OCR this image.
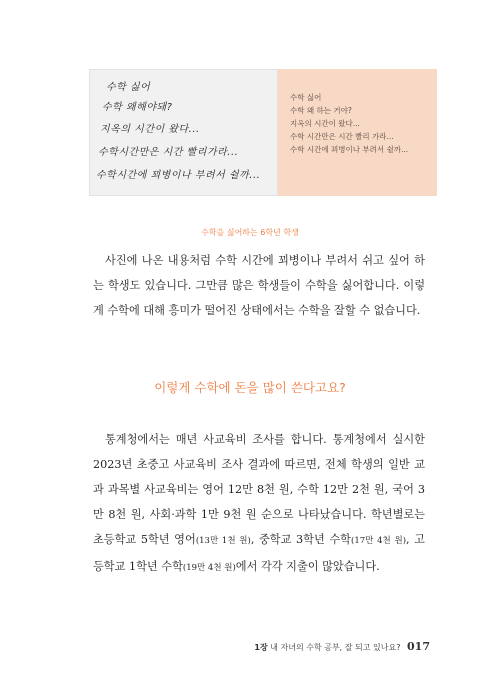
수학 싫어
수학 왜해야돼?
지옥의 시간이 왔다...
수학시간만은 시간 빨리가라...
수학시간에 꾀병이나 부려서 쉴까...
수학 싫어
수학 왜 하는 거야?
지옥의 시간이 왔다...
수학 시간만은 시간 빨리 가라...
수학 시간에 꾀병이나 부려서 쉴까...
수학을 싫어하는 6학년 학생

사진에 나온 내용처럼 수학 시간에 꾀병이나 부려서 쉬고 싶어 하는 학생도 있습니다. 그만큼 많은 학생들이 수학을 싫어합니다. 이렇게 수학에 대해 흥미가 떨어진 상태에서는 수학을 잘할 수 없습니다.

이렇게 수학에 돈을 많이 쓴다고요?

통계청에서는 매년 사교육비 조사를 합니다. 통계청에서 실시한 2023년 초중고 사교육비 조사 결과에 따르면, 전체 학생의 일반 교과 과목별 사교육비는 영어 12만 8천 원, 수학 12만 2천 원, 국어 3만 8천 원, 사회·과학 1만 9천 원 순으로 나타났습니다. 학년별로는 초등학교 5학년 영어(13만 1천 원), 중학교 3학년 수학(17만 4천 원), 고등학교 1학년 수학(19만 4천 원)에서 각각 지출이 많았습니다.

1장 내 자녀의 수학 공부, 잘 되고 있나요? 017
